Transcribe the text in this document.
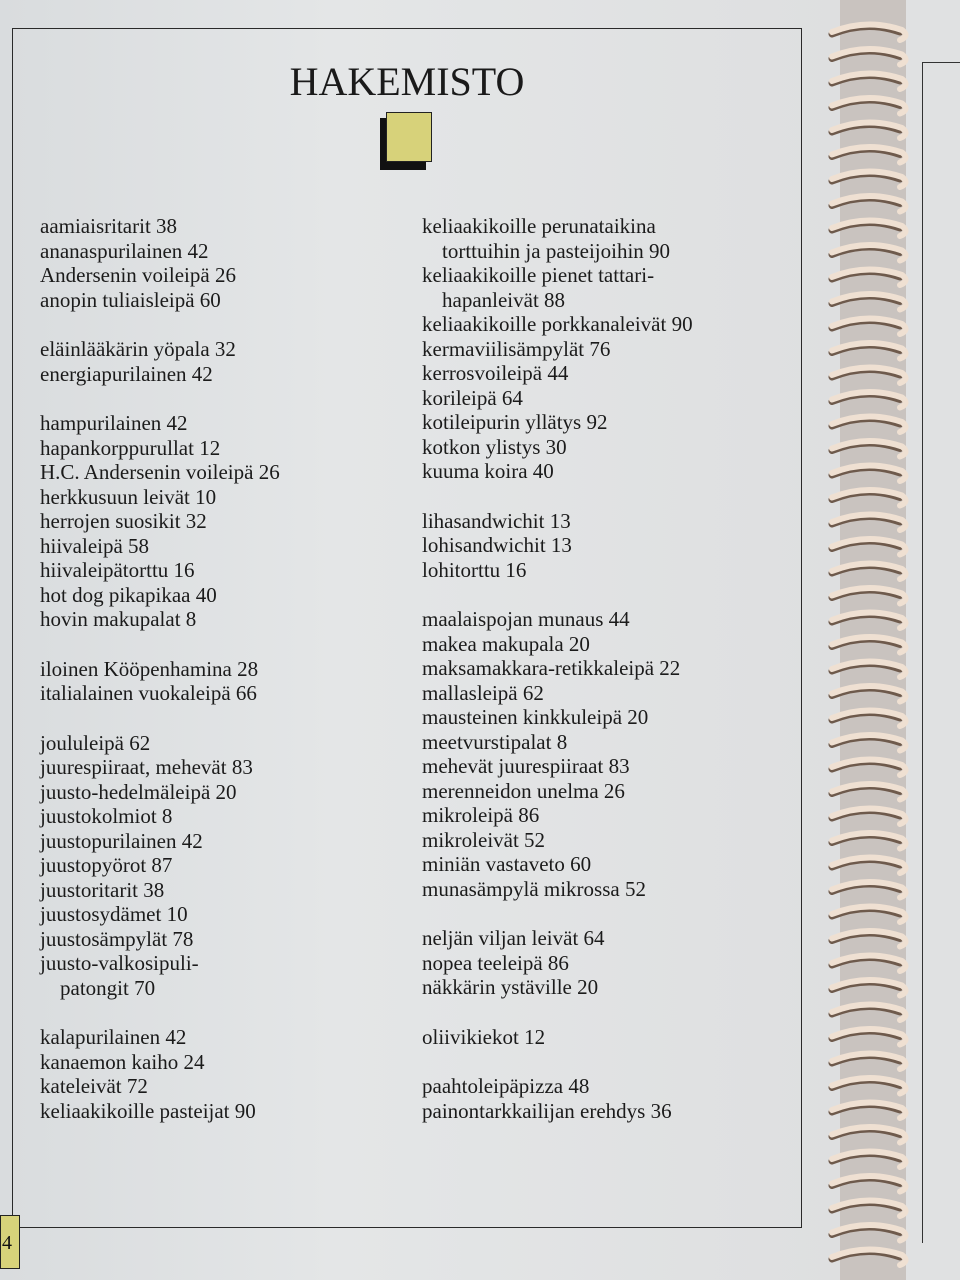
HAKEMISTO
aamiaisritarit 38
ananaspurilainen 42
Andersenin voileipä 26
anopin tuliaisleipä 60
eläinlääkärin yöpala 32
energiapurilainen 42
hampurilainen 42
hapankorppurullat 12
H.C. Andersenin voileipä 26
herkkusuun leivät 10
herrojen suosikit 32
hiivaleipä 58
hiivaleipätorttu 16
hot dog pikapikaa 40
hovin makupalat 8
iloinen Kööpenhamina 28
italialainen vuokaleipä 66
joululeipä 62
juurespiiraat, mehevät 83
juusto-hedelmäleipä 20
juustokolmiot 8
juustopurilainen 42
juustopyörot 87
juustoritarit 38
juustosydämet 10
juustosämpylät 78
juusto-valkosipuli-
patongit 70
kalapurilainen 42
kanaemon kaiho 24
kateleivät 72
keliaakikoille pasteijat 90
keliaakikoille perunataikina
torttuihin ja pasteijoihin 90
keliaakikoille pienet tattari-
hapanleivät 88
keliaakikoille porkkanaleivät 90
kermaviilisämpylät 76
kerrosvoileipä 44
korileipä 64
kotileipurin yllätys 92
kotkon ylistys 30
kuuma koira 40
lihasandwichit 13
lohisandwichit 13
lohitorttu 16
maalaispojan munaus 44
makea makupala 20
maksamakkara-retikkaleipä 22
mallasleipä 62
mausteinen kinkkuleipä 20
meetvurstipalat 8
mehevät juurespiiraat 83
merenneidon unelma 26
mikroleipä 86
mikroleivät 52
miniän vastaveto 60
munasämpylä mikrossa 52
neljän viljan leivät 64
nopea teeleipä 86
näkkärin ystäville 20
oliivikiekot 12
paahtoleipäpizza 48
painontarkkailijan erehdys 36
4
